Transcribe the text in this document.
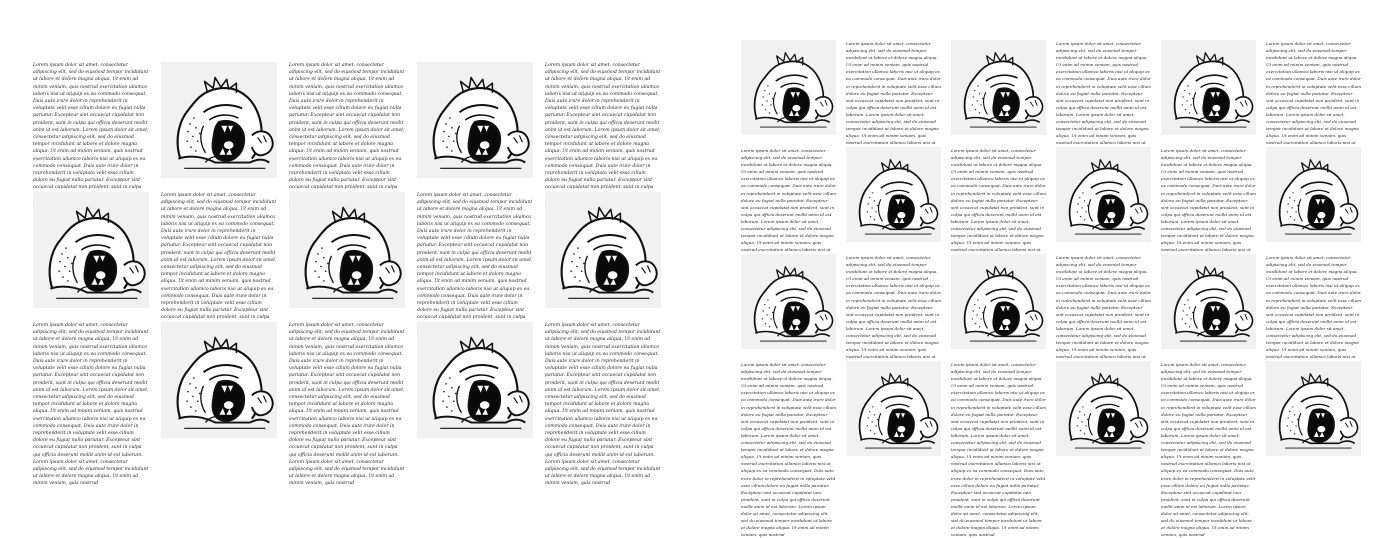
Lorem ipsum dolor sit amet, consectetur adipiscing elit, sed do eiusmod tempor incididunt ut labore et dolore magna aliqua. Ut enim ad minim veniam, quis nostrud exercitation ullamco laboris nisi ut aliquip ex ea commodo consequat. Duis aute irure dolor in reprehenderit in voluptate velit esse cillum dolore eu fugiat nulla pariatur. Excepteur sint occaecat cupidatat non proident, sunt in culpa qui officia deserunt mollit anim id est laborum. Lorem ipsum dolor sit amet, consectetur adipiscing elit, sed do eiusmod tempor incididunt ut labore et dolore magna aliqua. Ut enim ad minim veniam, quis nostrud exercitation ullamco laboris nisi ut aliquip ex ea commodo consequat. Duis aute irure dolor in reprehenderit in voluptate velit esse cillum dolore eu fugiat nulla pariatur. Excepteur sint occaecat cupidatat non proident, sunt in culpa
Lorem ipsum dolor sit amet, consectetur adipiscing elit, sed do eiusmod tempor incididunt ut labore et dolore magna aliqua. Ut enim ad minim veniam, quis nostrud exercitation ullamco laboris nisi ut aliquip ex ea commodo consequat. Duis aute irure dolor in reprehenderit in voluptate velit esse cillum dolore eu fugiat nulla pariatur. Excepteur sint occaecat cupidatat non proident, sunt in culpa qui officia deserunt mollit anim id est laborum. Lorem ipsum dolor sit amet, consectetur adipiscing elit, sed do eiusmod tempor incididunt ut labore et dolore magna aliqua. Ut enim ad minim veniam, quis nostrud exercitation ullamco laboris nisi ut aliquip ex ea commodo consequat. Duis aute irure dolor in reprehenderit in voluptate velit esse cillum dolore eu fugiat nulla pariatur. Excepteur sint occaecat cupidatat non proident, sunt in culpa
Lorem ipsum dolor sit amet, consectetur adipiscing elit, sed do eiusmod tempor incididunt ut labore et dolore magna aliqua. Ut enim ad minim veniam, quis nostrud exercitation ullamco laboris nisi ut aliquip ex ea commodo consequat. Duis aute irure dolor in reprehenderit in voluptate velit esse cillum dolore eu fugiat nulla pariatur. Excepteur sint occaecat cupidatat non proident, sunt in culpa qui officia deserunt mollit anim id est laborum. Lorem ipsum dolor sit amet, consectetur adipiscing elit, sed do eiusmod tempor incididunt ut labore et dolore magna aliqua. Ut enim ad minim veniam, quis nostrud exercitation ullamco laboris nisi ut aliquip ex ea commodo consequat. Duis aute irure dolor in reprehenderit in voluptate velit esse cillum dolore eu fugiat nulla pariatur. Excepteur sint occaecat cupidatat non proident, sunt in culpa
Lorem ipsum dolor sit amet, consectetur adipiscing elit, sed do eiusmod tempor incididunt ut labore et dolore magna aliqua. Ut enim ad minim veniam, quis nostrud exercitation ullamco laboris nisi ut aliquip ex ea commodo consequat. Duis aute irure dolor in reprehenderit in voluptate velit esse cillum dolore eu fugiat nulla pariatur. Excepteur sint occaecat cupidatat non proident, sunt in culpa qui officia deserunt mollit anim id est laborum. Lorem ipsum dolor sit amet, consectetur adipiscing elit, sed do eiusmod tempor incididunt ut labore et dolore magna aliqua. Ut enim ad minim veniam, quis nostrud exercitation ullamco laboris nisi ut aliquip ex ea commodo consequat. Duis aute irure dolor in reprehenderit in voluptate velit esse cillum dolore eu fugiat nulla pariatur. Excepteur sint occaecat cupidatat non proident, sunt in culpa
Lorem ipsum dolor sit amet, consectetur adipiscing elit, sed do eiusmod tempor incididunt ut labore et dolore magna aliqua. Ut enim ad minim veniam, quis nostrud exercitation ullamco laboris nisi ut aliquip ex ea commodo consequat. Duis aute irure dolor in reprehenderit in voluptate velit esse cillum dolore eu fugiat nulla pariatur. Excepteur sint occaecat cupidatat non proident, sunt in culpa qui officia deserunt mollit anim id est laborum. Lorem ipsum dolor sit amet, consectetur adipiscing elit, sed do eiusmod tempor incididunt ut labore et dolore magna aliqua. Ut enim ad minim veniam, quis nostrud exercitation ullamco laboris nisi ut aliquip ex ea commodo consequat. Duis aute irure dolor in reprehenderit in voluptate velit esse cillum dolore eu fugiat nulla pariatur. Excepteur sint occaecat cupidatat non proident, sunt in culpa
Lorem ipsum dolor sit amet, consectetur adipiscing elit, sed do eiusmod tempor incididunt ut labore et dolore magna aliqua. Ut enim ad minim veniam, quis nostrud exercitation ullamco laboris nisi ut aliquip ex ea commodo consequat. Duis aute irure dolor in reprehenderit in voluptate velit esse cillum dolore eu fugiat nulla pariatur. Excepteur sint occaecat cupidatat non proident, sunt in culpa qui officia deserunt mollit anim id est laborum. Lorem ipsum dolor sit amet, consectetur adipiscing elit, sed do eiusmod tempor incididunt ut labore et dolore magna aliqua. Ut enim ad minim veniam, quis nostrud exercitation ullamco laboris nisi ut aliquip ex ea commodo consequat. Duis aute irure dolor in reprehenderit in voluptate velit esse cillum dolore eu fugiat nulla pariatur. Excepteur sint occaecat cupidatat non proident, sunt in culpa qui officia deserunt mollit anim id est laborum. Lorem ipsum dolor sit amet, consectetur adipiscing elit, sed do eiusmod tempor incididunt ut labore et dolore magna aliqua. Ut enim ad minim veniam, quis nostrud
Lorem ipsum dolor sit amet, consectetur adipiscing elit, sed do eiusmod tempor incididunt ut labore et dolore magna aliqua. Ut enim ad minim veniam, quis nostrud exercitation ullamco laboris nisi ut aliquip ex ea commodo consequat. Duis aute irure dolor in reprehenderit in voluptate velit esse cillum dolore eu fugiat nulla pariatur. Excepteur sint occaecat cupidatat non proident, sunt in culpa qui officia deserunt mollit anim id est laborum. Lorem ipsum dolor sit amet, consectetur adipiscing elit, sed do eiusmod tempor incididunt ut labore et dolore magna aliqua. Ut enim ad minim veniam, quis nostrud exercitation ullamco laboris nisi ut aliquip ex ea commodo consequat. Duis aute irure dolor in reprehenderit in voluptate velit esse cillum dolore eu fugiat nulla pariatur. Excepteur sint occaecat cupidatat non proident, sunt in culpa qui officia deserunt mollit anim id est laborum. Lorem ipsum dolor sit amet, consectetur adipiscing elit, sed do eiusmod tempor incididunt ut labore et dolore magna aliqua. Ut enim ad minim veniam, quis nostrud
Lorem ipsum dolor sit amet, consectetur adipiscing elit, sed do eiusmod tempor incididunt ut labore et dolore magna aliqua. Ut enim ad minim veniam, quis nostrud exercitation ullamco laboris nisi ut aliquip ex ea commodo consequat. Duis aute irure dolor in reprehenderit in voluptate velit esse cillum dolore eu fugiat nulla pariatur. Excepteur sint occaecat cupidatat non proident, sunt in culpa qui officia deserunt mollit anim id est laborum. Lorem ipsum dolor sit amet, consectetur adipiscing elit, sed do eiusmod tempor incididunt ut labore et dolore magna aliqua. Ut enim ad minim veniam, quis nostrud exercitation ullamco laboris nisi ut aliquip ex ea commodo consequat. Duis aute irure dolor in reprehenderit in voluptate velit esse cillum dolore eu fugiat nulla pariatur. Excepteur sint occaecat cupidatat non proident, sunt in culpa qui officia deserunt mollit anim id est laborum. Lorem ipsum dolor sit amet, consectetur adipiscing elit, sed do eiusmod tempor incididunt ut labore et dolore magna aliqua. Ut enim ad minim veniam, quis nostrud
Lorem ipsum dolor sit amet, consectetur adipiscing elit, sed do eiusmod tempor incididunt ut labore et dolore magna aliqua. Ut enim ad minim veniam, quis nostrud exercitation ullamco laboris nisi ut aliquip ex ea commodo consequat. Duis aute irure dolor in reprehenderit in voluptate velit esse cillum dolore eu fugiat nulla pariatur. Excepteur sint occaecat cupidatat non proident, sunt in culpa qui officia deserunt mollit anim id est laborum. Lorem ipsum dolor sit amet, consectetur adipiscing elit, sed do eiusmod tempor incididunt ut labore et dolore magna aliqua. Ut enim ad minim veniam, quis nostrud exercitation ullamco laboris nisi ut
Lorem ipsum dolor sit amet, consectetur adipiscing elit, sed do eiusmod tempor incididunt ut labore et dolore magna aliqua. Ut enim ad minim veniam, quis nostrud exercitation ullamco laboris nisi ut aliquip ex ea commodo consequat. Duis aute irure dolor in reprehenderit in voluptate velit esse cillum dolore eu fugiat nulla pariatur. Excepteur sint occaecat cupidatat non proident, sunt in culpa qui officia deserunt mollit anim id est laborum. Lorem ipsum dolor sit amet, consectetur adipiscing elit, sed do eiusmod tempor incididunt ut labore et dolore magna aliqua. Ut enim ad minim veniam, quis nostrud exercitation ullamco laboris nisi ut
Lorem ipsum dolor sit amet, consectetur adipiscing elit, sed do eiusmod tempor incididunt ut labore et dolore magna aliqua. Ut enim ad minim veniam, quis nostrud exercitation ullamco laboris nisi ut aliquip ex ea commodo consequat. Duis aute irure dolor in reprehenderit in voluptate velit esse cillum dolore eu fugiat nulla pariatur. Excepteur sint occaecat cupidatat non proident, sunt in culpa qui officia deserunt mollit anim id est laborum. Lorem ipsum dolor sit amet, consectetur adipiscing elit, sed do eiusmod tempor incididunt ut labore et dolore magna aliqua. Ut enim ad minim veniam, quis nostrud exercitation ullamco laboris nisi ut
Lorem ipsum dolor sit amet, consectetur adipiscing elit, sed do eiusmod tempor incididunt ut labore et dolore magna aliqua. Ut enim ad minim veniam, quis nostrud exercitation ullamco laboris nisi ut aliquip ex ea commodo consequat. Duis aute irure dolor in reprehenderit in voluptate velit esse cillum dolore eu fugiat nulla pariatur. Excepteur sint occaecat cupidatat non proident, sunt in culpa qui officia deserunt mollit anim id est laborum. Lorem ipsum dolor sit amet, consectetur adipiscing elit, sed do eiusmod tempor incididunt ut labore et dolore magna aliqua. Ut enim ad minim veniam, quis nostrud exercitation ullamco laboris nisi ut
Lorem ipsum dolor sit amet, consectetur adipiscing elit, sed do eiusmod tempor incididunt ut labore et dolore magna aliqua. Ut enim ad minim veniam, quis nostrud exercitation ullamco laboris nisi ut aliquip ex ea commodo consequat. Duis aute irure dolor in reprehenderit in voluptate velit esse cillum dolore eu fugiat nulla pariatur. Excepteur sint occaecat cupidatat non proident, sunt in culpa qui officia deserunt mollit anim id est laborum. Lorem ipsum dolor sit amet, consectetur adipiscing elit, sed do eiusmod tempor incididunt ut labore et dolore magna aliqua. Ut enim ad minim veniam, quis nostrud exercitation ullamco laboris nisi ut
Lorem ipsum dolor sit amet, consectetur adipiscing elit, sed do eiusmod tempor incididunt ut labore et dolore magna aliqua. Ut enim ad minim veniam, quis nostrud exercitation ullamco laboris nisi ut aliquip ex ea commodo consequat. Duis aute irure dolor in reprehenderit in voluptate velit esse cillum dolore eu fugiat nulla pariatur. Excepteur sint occaecat cupidatat non proident, sunt in culpa qui officia deserunt mollit anim id est laborum. Lorem ipsum dolor sit amet, consectetur adipiscing elit, sed do eiusmod tempor incididunt ut labore et dolore magna aliqua. Ut enim ad minim veniam, quis nostrud exercitation ullamco laboris nisi ut
Lorem ipsum dolor sit amet, consectetur adipiscing elit, sed do eiusmod tempor incididunt ut labore et dolore magna aliqua. Ut enim ad minim veniam, quis nostrud exercitation ullamco laboris nisi ut aliquip ex ea commodo consequat. Duis aute irure dolor in reprehenderit in voluptate velit esse cillum dolore eu fugiat nulla pariatur. Excepteur sint occaecat cupidatat non proident, sunt in culpa qui officia deserunt mollit anim id est laborum. Lorem ipsum dolor sit amet, consectetur adipiscing elit, sed do eiusmod tempor incididunt ut labore et dolore magna aliqua. Ut enim ad minim veniam, quis nostrud exercitation ullamco laboris nisi ut
Lorem ipsum dolor sit amet, consectetur adipiscing elit, sed do eiusmod tempor incididunt ut labore et dolore magna aliqua. Ut enim ad minim veniam, quis nostrud exercitation ullamco laboris nisi ut aliquip ex ea commodo consequat. Duis aute irure dolor in reprehenderit in voluptate velit esse cillum dolore eu fugiat nulla pariatur. Excepteur sint occaecat cupidatat non proident, sunt in culpa qui officia deserunt mollit anim id est laborum. Lorem ipsum dolor sit amet, consectetur adipiscing elit, sed do eiusmod tempor incididunt ut labore et dolore magna aliqua. Ut enim ad minim veniam, quis nostrud exercitation ullamco laboris nisi ut
Lorem ipsum dolor sit amet, consectetur adipiscing elit, sed do eiusmod tempor incididunt ut labore et dolore magna aliqua. Ut enim ad minim veniam, quis nostrud exercitation ullamco laboris nisi ut aliquip ex ea commodo consequat. Duis aute irure dolor in reprehenderit in voluptate velit esse cillum dolore eu fugiat nulla pariatur. Excepteur sint occaecat cupidatat non proident, sunt in culpa qui officia deserunt mollit anim id est laborum. Lorem ipsum dolor sit amet, consectetur adipiscing elit, sed do eiusmod tempor incididunt ut labore et dolore magna aliqua. Ut enim ad minim veniam, quis nostrud exercitation ullamco laboris nisi ut
Lorem ipsum dolor sit amet, consectetur adipiscing elit, sed do eiusmod tempor incididunt ut labore et dolore magna aliqua. Ut enim ad minim veniam, quis nostrud exercitation ullamco laboris nisi ut aliquip ex ea commodo consequat. Duis aute irure dolor in reprehenderit in voluptate velit esse cillum dolore eu fugiat nulla pariatur. Excepteur sint occaecat cupidatat non proident, sunt in culpa qui officia deserunt mollit anim id est laborum. Lorem ipsum dolor sit amet, consectetur adipiscing elit, sed do eiusmod tempor incididunt ut labore et dolore magna aliqua. Ut enim ad minim veniam, quis nostrud exercitation ullamco laboris nisi ut aliquip ex ea commodo consequat. Duis aute irure dolor in reprehenderit in voluptate velit esse cillum dolore eu fugiat nulla pariatur. Excepteur sint occaecat cupidatat non proident, sunt in culpa qui officia deserunt mollit anim id est laborum. Lorem ipsum dolor sit amet, consectetur adipiscing elit, sed do eiusmod tempor incididunt ut labore et dolore magna aliqua. Ut enim ad minim veniam, quis nostrud
Lorem ipsum dolor sit amet, consectetur adipiscing elit, sed do eiusmod tempor incididunt ut labore et dolore magna aliqua. Ut enim ad minim veniam, quis nostrud exercitation ullamco laboris nisi ut aliquip ex ea commodo consequat. Duis aute irure dolor in reprehenderit in voluptate velit esse cillum dolore eu fugiat nulla pariatur. Excepteur sint occaecat cupidatat non proident, sunt in culpa qui officia deserunt mollit anim id est laborum. Lorem ipsum dolor sit amet, consectetur adipiscing elit, sed do eiusmod tempor incididunt ut labore et dolore magna aliqua. Ut enim ad minim veniam, quis nostrud exercitation ullamco laboris nisi ut aliquip ex ea commodo consequat. Duis aute irure dolor in reprehenderit in voluptate velit esse cillum dolore eu fugiat nulla pariatur. Excepteur sint occaecat cupidatat non proident, sunt in culpa qui officia deserunt mollit anim id est laborum. Lorem ipsum dolor sit amet, consectetur adipiscing elit, sed do eiusmod tempor incididunt ut labore et dolore magna aliqua. Ut enim ad minim veniam, quis nostrud
Lorem ipsum dolor sit amet, consectetur adipiscing elit, sed do eiusmod tempor incididunt ut labore et dolore magna aliqua. Ut enim ad minim veniam, quis nostrud exercitation ullamco laboris nisi ut aliquip ex ea commodo consequat. Duis aute irure dolor in reprehenderit in voluptate velit esse cillum dolore eu fugiat nulla pariatur. Excepteur sint occaecat cupidatat non proident, sunt in culpa qui officia deserunt mollit anim id est laborum. Lorem ipsum dolor sit amet, consectetur adipiscing elit, sed do eiusmod tempor incididunt ut labore et dolore magna aliqua. Ut enim ad minim veniam, quis nostrud exercitation ullamco laboris nisi ut aliquip ex ea commodo consequat. Duis aute irure dolor in reprehenderit in voluptate velit esse cillum dolore eu fugiat nulla pariatur. Excepteur sint occaecat cupidatat non proident, sunt in culpa qui officia deserunt mollit anim id est laborum. Lorem ipsum dolor sit amet, consectetur adipiscing elit, sed do eiusmod tempor incididunt ut labore et dolore magna aliqua. Ut enim ad minim veniam, quis nostrud
